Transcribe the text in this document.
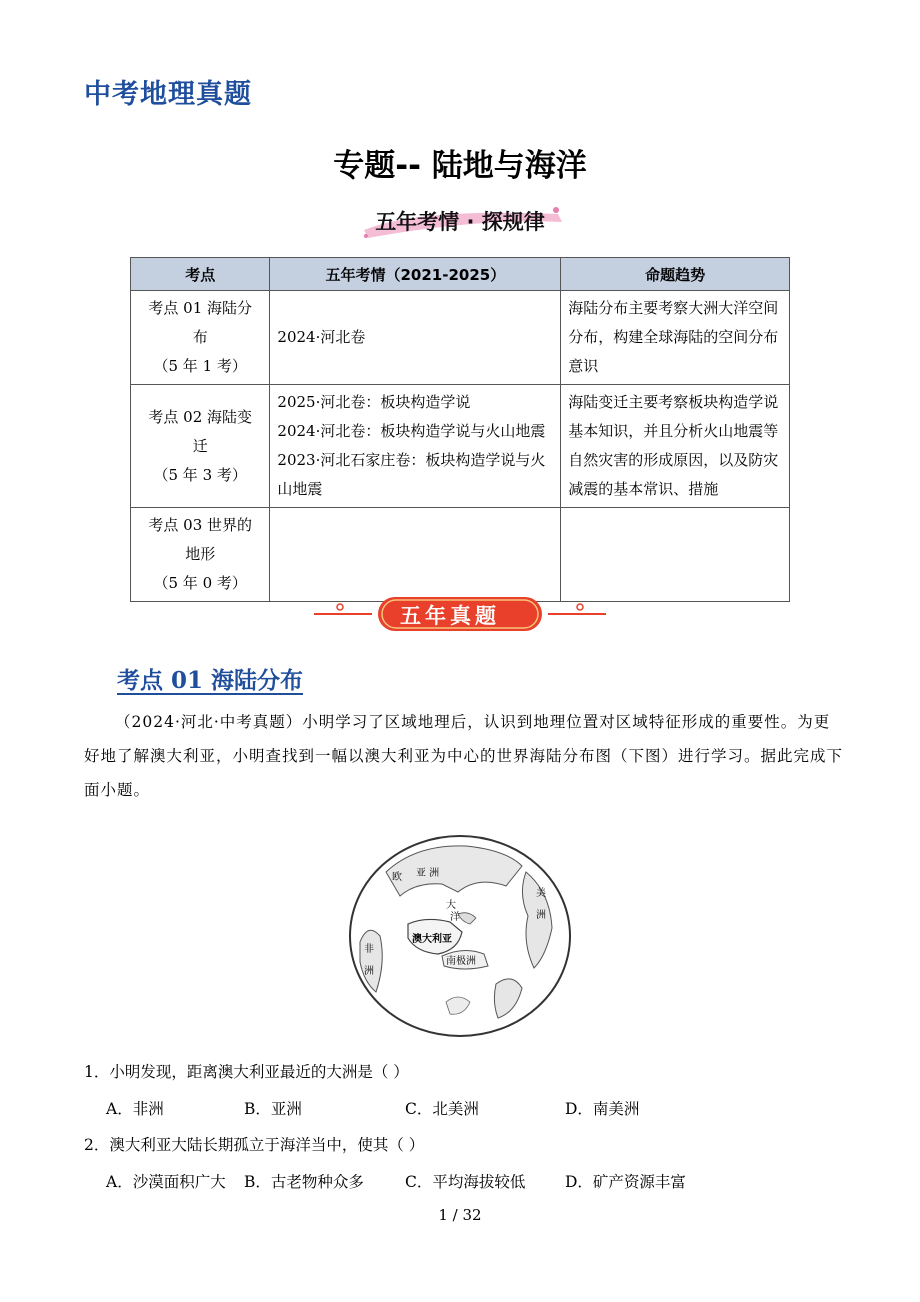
中考地理真题
专题-- 陆地与海洋
五年考情 · 探规律
考点	五年考情（2021-2025）	命题趋势

考点 01 海陆分
布
（5 年 1 考）	2024·河北卷	海陆分布主要考察大洲大洋空间分布，构建全球海陆的空间分布意识

考点 02 海陆变
迁
（5 年 3 考）	2025·河北卷：板块构造学说
2024·河北卷：板块构造学说与火山地震
2023·河北石家庄卷：板块构造学说与火山地震	海陆变迁主要考察板块构造学说基本知识，并且分析火山地震等自然灾害的形成原因，以及防灾减震的基本常识、措施

考点 03 世界的
地形
（5 年 0 考）		

五年真题
考点 01 海陆分布
（2024·河北·中考真题）小明学习了区域地理后，认识到地理位置对区域特征形成的重要性。为更好地了解澳大利亚，小明查找到一幅以澳大利亚为中心的世界海陆分布图（下图）进行学习。据此完成下面小题。
欧 亚 洲
澳大利亚
大
洋
南极洲
非
洲
美
洲
1．小明发现，距离澳大利亚最近的大洲是（ ）
A．非洲	B．亚洲	C．北美洲	D．南美洲
2．澳大利亚大陆长期孤立于海洋当中，使其（ ）
A．沙漠面积广大 B．古老物种众多	C．平均海拔较低	D．矿产资源丰富
1 / 32
